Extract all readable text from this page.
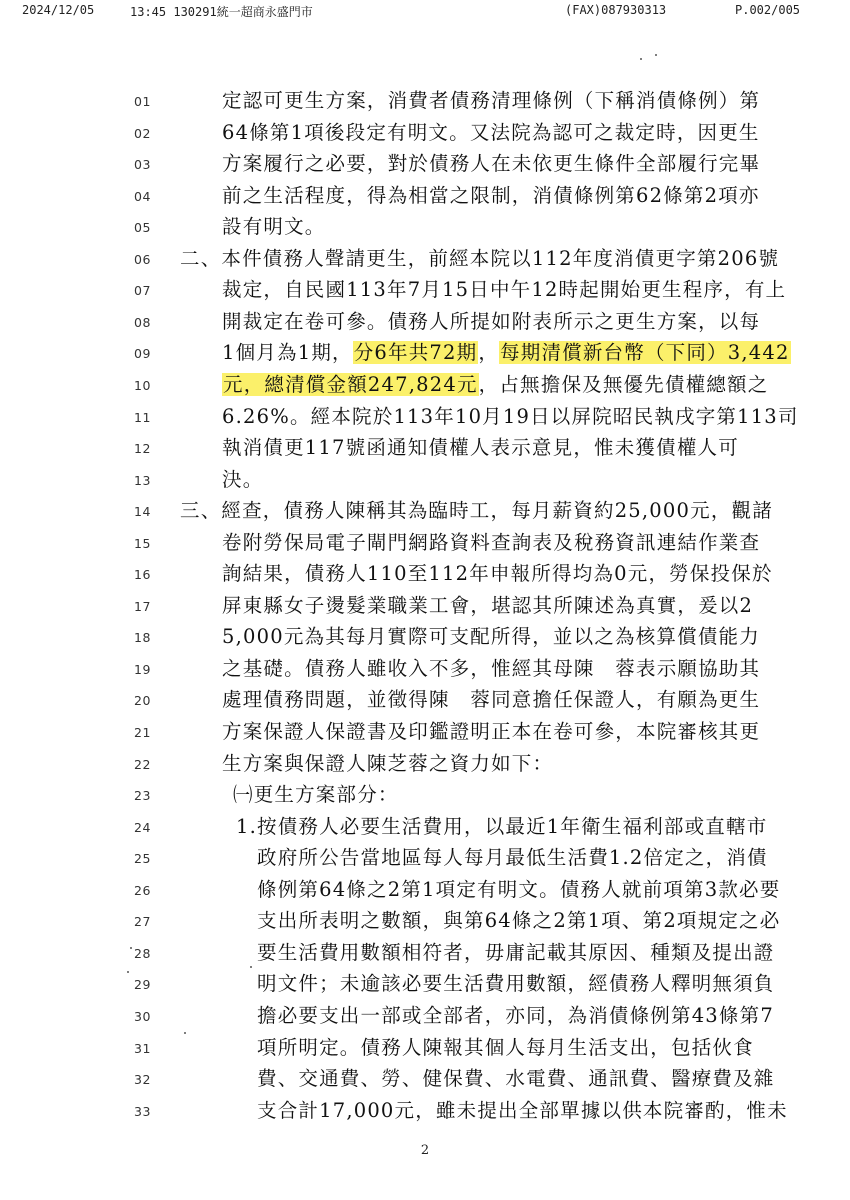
2024/12/05	13:45 130291統一超商永盛門市	(FAX)087930313	P.002/005
01	定認可更生方案，消費者債務清理條例（下稱消債條例）第
02	64條第1項後段定有明文。又法院為認可之裁定時，因更生
03	方案履行之必要，對於債務人在未依更生條件全部履行完畢
04	前之生活程度，得為相當之限制，消債條例第62條第2項亦
05	設有明文。
06 二、本件債務人聲請更生，前經本院以112年度消債更字第206號
07	裁定，自民國113年7月15日中午12時起開始更生程序，有上
08	開裁定在卷可參。債務人所提如附表所示之更生方案，以每
09	1個月為1期，分6年共72期，每期清償新台幣（下同）3,442
10	元，總清償金額247,824元，占無擔保及無優先債權總額之
11	6.26%。經本院於113年10月19日以屏院昭民執戌字第113司
12	執消債更117號函通知債權人表示意見，惟未獲債權人可
13	決。
14 三、經查，債務人陳稱其為臨時工，每月薪資約25,000元，觀諸
15	卷附勞保局電子閘門網路資料查詢表及稅務資訊連結作業查
16	詢結果，債務人110至112年申報所得均為0元，勞保投保於
17	屏東縣女子燙髮業職業工會，堪認其所陳述為真實，爰以2
18	5,000元為其每月實際可支配所得，並以之為核算償債能力
19	之基礎。債務人雖收入不多，惟經其母陳　蓉表示願協助其
20	處理債務問題，並徵得陳　蓉同意擔任保證人，有願為更生
21	方案保證人保證書及印鑑證明正本在卷可參，本院審核其更
22	生方案與保證人陳芝蓉之資力如下：
23	㈠更生方案部分：
24	1.按債務人必要生活費用，以最近1年衛生福利部或直轄市
25	政府所公告當地區每人每月最低生活費1.2倍定之，消債
26	條例第64條之2第1項定有明文。債務人就前項第3款必要
27	支出所表明之數額，與第64條之2第1項、第2項規定之必
28	要生活費用數額相符者，毋庸記載其原因、種類及提出證
29	明文件；未逾該必要生活費用數額，經債務人釋明無須負
30	擔必要支出一部或全部者，亦同，為消債條例第43條第7
31	項所明定。債務人陳報其個人每月生活支出，包括伙食
32	費、交通費、勞、健保費、水電費、通訊費、醫療費及雜
33	支合計17,000元，雖未提出全部單據以供本院審酌，惟未
2
